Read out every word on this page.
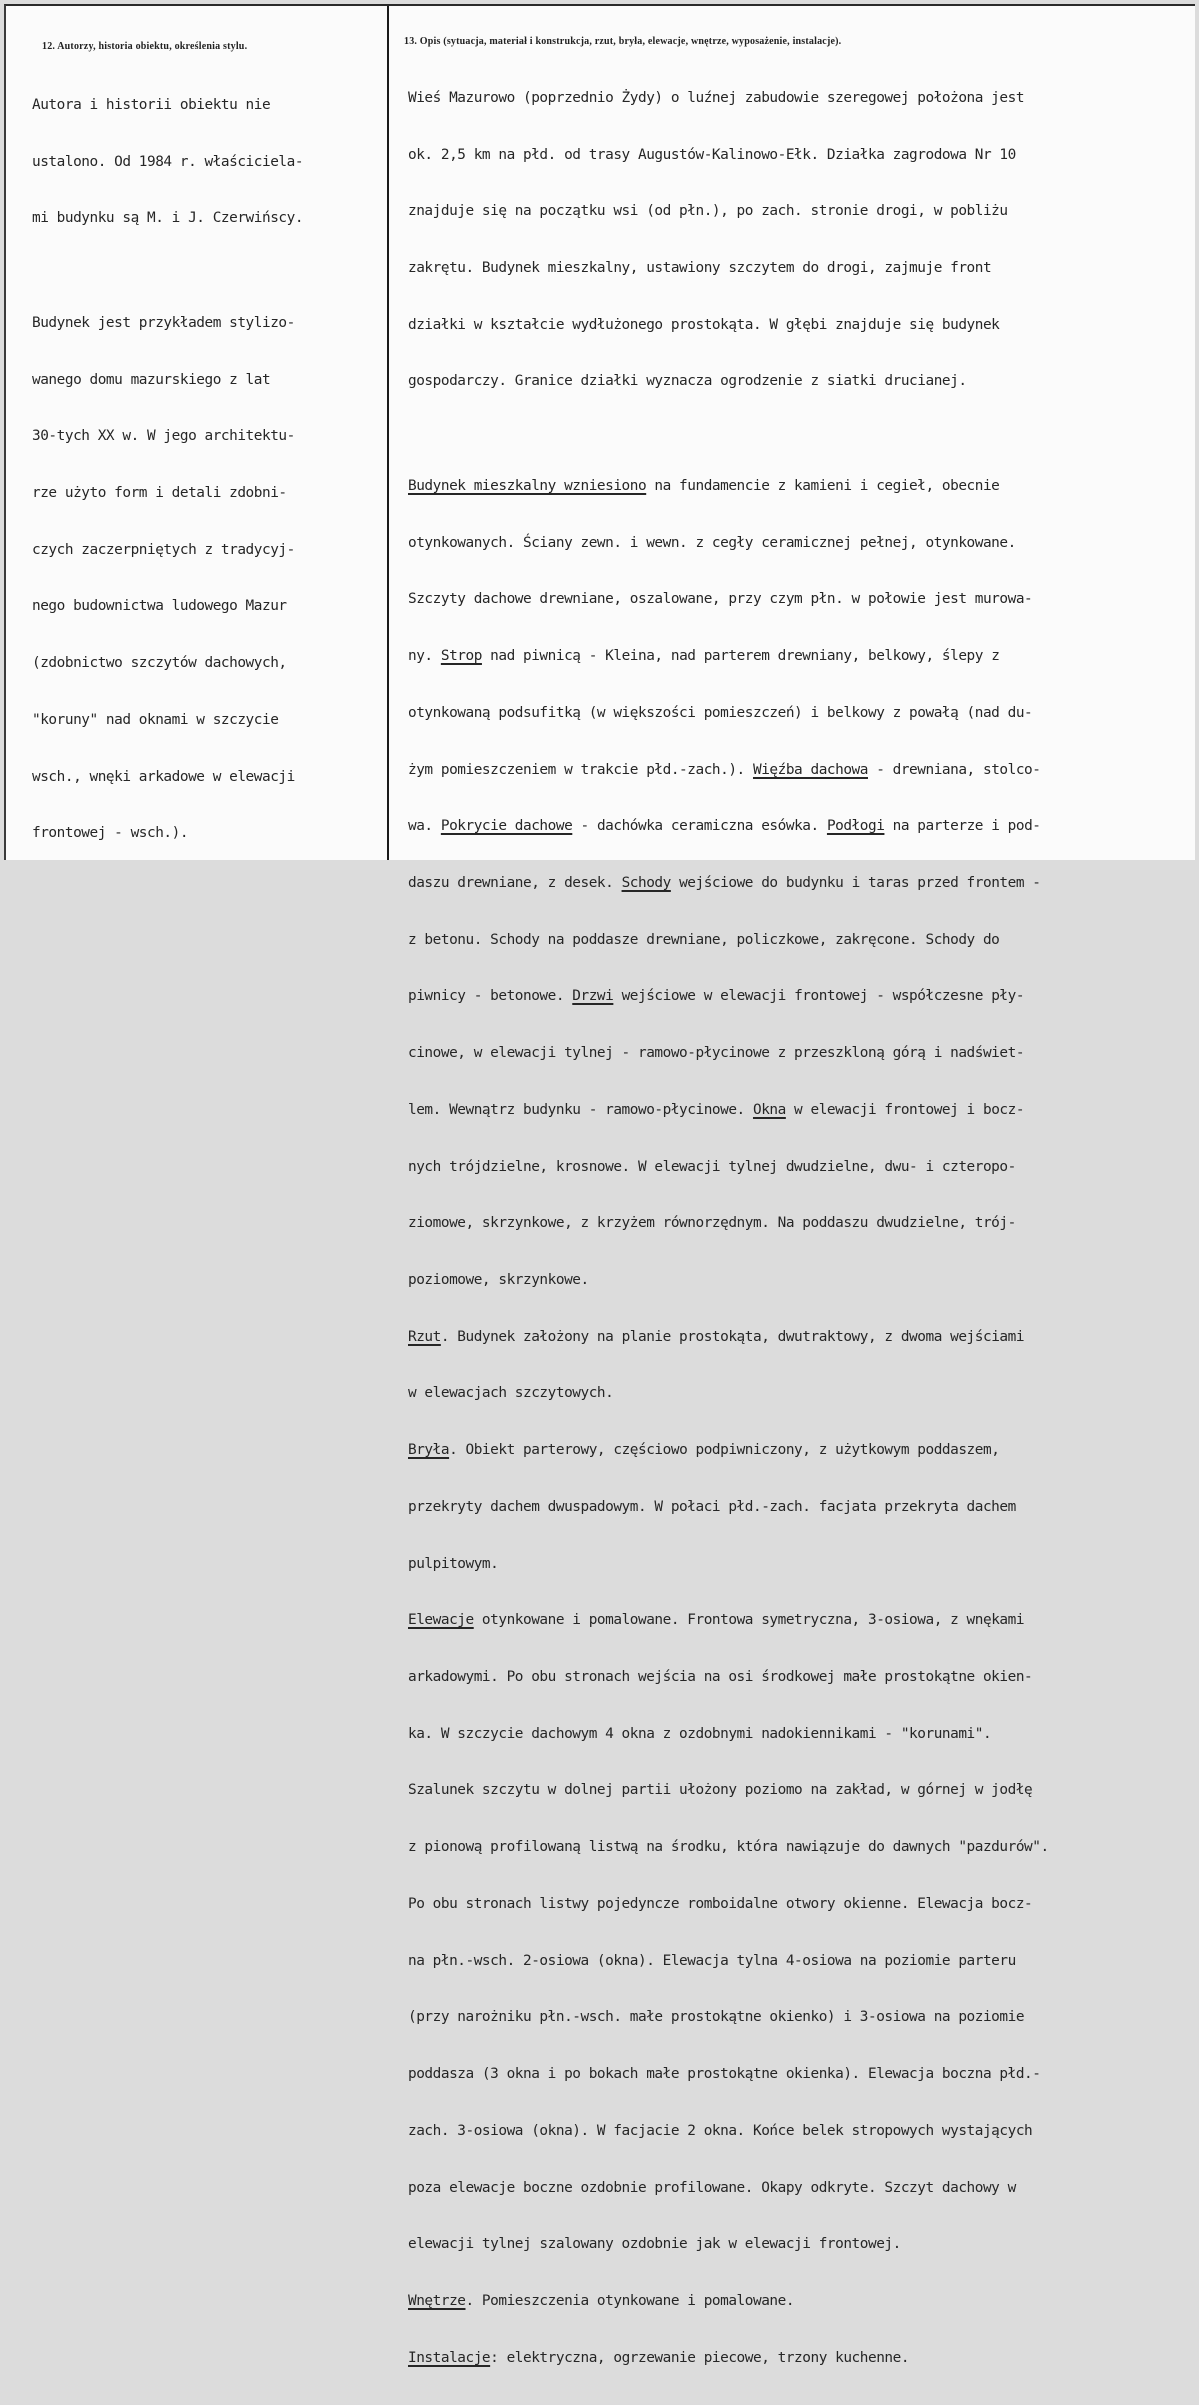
12. Autorzy, historia obiektu, określenia stylu.	13. Opis (sytuacja, materiał i konstrukcja, rzut, bryła, elewacje, wnętrze, wyposażenie, instalacje).

Autora i historii obiektu nie

ustalono. Od 1984 r. właściciela-

mi budynku są M. i J. Czerwińscy.

Budynek jest przykładem stylizo-

wanego domu mazurskiego z lat

30-tych XX w. W jego architektu-

rze użyto form i detali zdobni-

czych zaczerpniętych z tradycyj-

nego budownictwa ludowego Mazur

(zdobnictwo szczytów dachowych,

"koruny" nad oknami w szczycie

wsch., wnęki arkadowe w elewacji

frontowej - wsch.).

Wieś Mazurowo (poprzednio Żydy) o luźnej zabudowie szeregowej położona jest

ok. 2,5 km na płd. od trasy Augustów-Kalinowo-Ełk. Działka zagrodowa Nr 10

znajduje się na początku wsi (od płn.), po zach. stronie drogi, w pobliżu

zakrętu. Budynek mieszkalny, ustawiony szczytem do drogi, zajmuje front

działki w kształcie wydłużonego prostokąta. W głębi znajduje się budynek

gospodarczy. Granice działki wyznacza ogrodzenie z siatki drucianej.

Budynek mieszkalny wzniesiono na fundamencie z kamieni i cegieł, obecnie

otynkowanych. Ściany zewn. i wewn. z cegły ceramicznej pełnej, otynkowane.

Szczyty dachowe drewniane, oszalowane, przy czym płn. w połowie jest murowa-

ny. Strop nad piwnicą - Kleina, nad parterem drewniany, belkowy, ślepy z

otynkowaną podsufitką (w większości pomieszczeń) i belkowy z powałą (nad du-

żym pomieszczeniem w trakcie płd.-zach.). Więźba dachowa - drewniana, stolco-

wa. Pokrycie dachowe - dachówka ceramiczna esówka. Podłogi na parterze i pod-

daszu drewniane, z desek. Schody wejściowe do budynku i taras przed frontem -

z betonu. Schody na poddasze drewniane, policzkowe, zakręcone. Schody do

piwnicy - betonowe. Drzwi wejściowe w elewacji frontowej - współczesne pły-

cinowe, w elewacji tylnej - ramowo-płycinowe z przeszkloną górą i nadświet-

lem. Wewnątrz budynku - ramowo-płycinowe. Okna w elewacji frontowej i bocz-

nych trójdzielne, krosnowe. W elewacji tylnej dwudzielne, dwu- i czteropo-

ziomowe, skrzynkowe, z krzyżem równorzędnym. Na poddaszu dwudzielne, trój-

poziomowe, skrzynkowe.

Rzut. Budynek założony na planie prostokąta, dwutraktowy, z dwoma wejściami

w elewacjach szczytowych.

Bryła. Obiekt parterowy, częściowo podpiwniczony, z użytkowym poddaszem,

przekryty dachem dwuspadowym. W połaci płd.-zach. facjata przekryta dachem

pulpitowym.

Elewacje otynkowane i pomalowane. Frontowa symetryczna, 3-osiowa, z wnękami

arkadowymi. Po obu stronach wejścia na osi środkowej małe prostokątne okien-

ka. W szczycie dachowym 4 okna z ozdobnymi nadokiennikami - "korunami".

Szalunek szczytu w dolnej partii ułożony poziomo na zakład, w górnej w jodłę

z pionową profilowaną listwą na środku, która nawiązuje do dawnych "pazdurów".

Po obu stronach listwy pojedyncze romboidalne otwory okienne. Elewacja bocz-

na płn.-wsch. 2-osiowa (okna). Elewacja tylna 4-osiowa na poziomie parteru

(przy narożniku płn.-wsch. małe prostokątne okienko) i 3-osiowa na poziomie

poddasza (3 okna i po bokach małe prostokątne okienka). Elewacja boczna płd.-

zach. 3-osiowa (okna). W facjacie 2 okna. Końce belek stropowych wystających

poza elewacje boczne ozdobnie profilowane. Okapy odkryte. Szczyt dachowy w

elewacji tylnej szalowany ozdobnie jak w elewacji frontowej.

Wnętrze. Pomieszczenia otynkowane i pomalowane.

Instalacje: elektryczna, ogrzewanie piecowe, trzony kuchenne.
